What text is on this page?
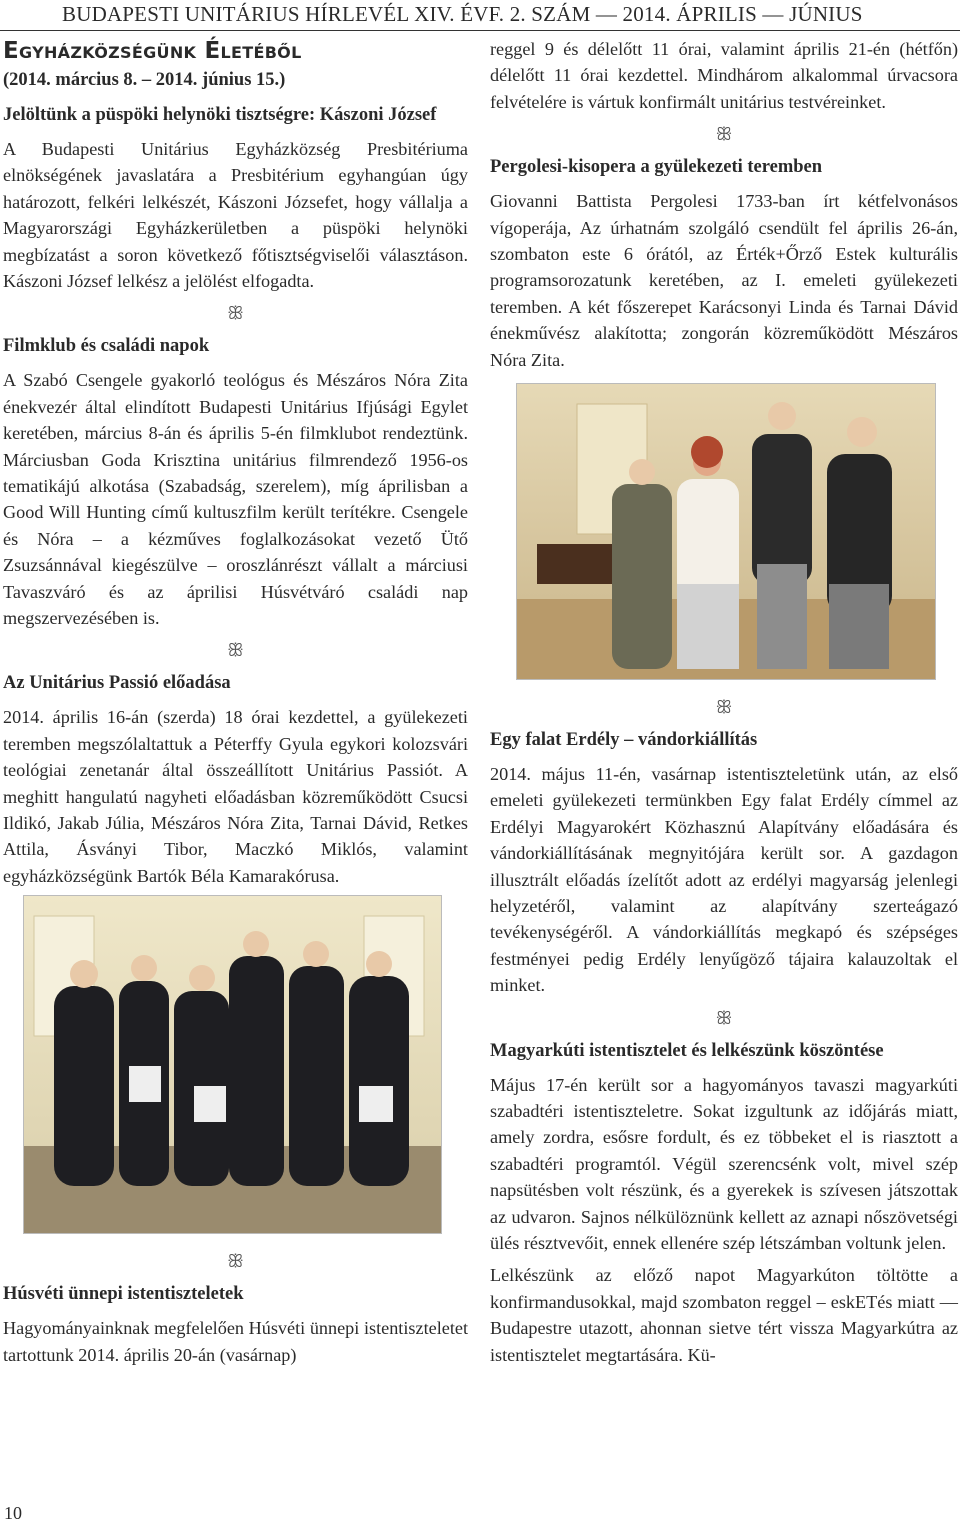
BUDAPESTI UNITÁRIUS HÍRLEVÉL XIV. ÉVF. 2. SZÁM — 2014. ÁPRILIS — JÚNIUS
Egyházközségünk Életéből
(2014. március 8. – 2014. június 15.)
Jelöltünk a püspöki helynöki tisztségre: Kászoni József

A Budapesti Unitárius Egyházközség Presbitériuma elnökségének javaslatára a Presbitérium egyhangúan úgy határozott, felkéri lelkészét, Kászoni Józsefet, hogy vállalja a Magyarországi Egyházkerületben a püspöki helynöki megbízatást a soron következő főtisztségviselői választáson. Kászoni József lelkész a jelölést elfogadta.

ꕥ
Filmklub és családi napok

A Szabó Csengele gyakorló teológus és Mészáros Nóra Zita énekvezér által elindított Budapesti Unitárius Ifjúsági Egylet keretében, március 8-án és április 5-én filmklubot rendeztünk. Márciusban Goda Krisztina unitárius filmrendező 1956-os tematikájú alkotása (Szabadság, szerelem), míg áprilisban a Good Will Hunting című kultuszfilm került terítékre. Csengele és Nóra – a kézműves foglalkozásokat vezető Ütő Zsuzsánnával kiegészülve – oroszlánrészt vállalt a márciusi Tavaszváró és az áprilisi Húsvétváró családi nap megszervezésében is.

ꕥ
Az Unitárius Passió előadása

2014. április 16-án (szerda) 18 órai kezdettel, a gyülekezeti teremben megszólaltattuk a Péterffy Gyula egykori kolozsvári teológiai zenetanár által összeállított Unitárius Passiót. A meghitt hangulatú nagyheti előadásban közreműködött Csucsi Ildikó, Jakab Júlia, Mészáros Nóra Zita, Tarnai Dávid, Retkes Attila, Ásványi Tibor, Maczkó Miklós, valamint egyházközségünk Bartók Béla Kamarakórusa.

ꕥ
Húsvéti ünnepi istentiszteletek

Hagyományainknak megfelelően Húsvéti ünnepi istentiszteletet tartottunk 2014. április 20-án (vasárnap)

reggel 9 és délelőtt 11 órai, valamint április 21-én (hétfőn) délelőtt 11 órai kezdettel. Mindhárom alkalommal úrvacsora felvételére is vártuk konfirmált unitárius testvéreinket.

ꕥ
Pergolesi-kisopera a gyülekezeti teremben

Giovanni Battista Pergolesi 1733-ban írt kétfelvonásos vígoperája, Az úrhatnám szolgáló csendült fel április 26-án, szombaton este 6 órától, az Érték+Őrző Estek kulturális programsorozatunk keretében, az I. emeleti gyülekezeti teremben. A két főszerepet Karácsonyi Linda és Tarnai Dávid énekművész alakította; zongorán közreműködött Mészáros Nóra Zita.

ꕥ
Egy falat Erdély – vándorkiállítás

2014. május 11-én, vasárnap istentiszteletünk után, az első emeleti gyülekezeti termünkben Egy falat Erdély címmel az Erdélyi Magyarokért Közhasznú Alapítvány előadására és vándorkiállításának megnyitójára került sor. A gazdagon illusztrált előadás ízelítőt adott az erdélyi magyarság jelenlegi helyzetéről, valamint az alapítvány szerteágazó tevékenységéről. A vándorkiállítás megkapó és szépséges festményei pedig Erdély lenyűgöző tájaira kalauzoltak el minket.

ꕥ
Magyarkúti istentisztelet és lelkészünk köszöntése

Május 17-én került sor a hagyományos tavaszi magyarkúti szabadtéri istentiszteletre. Sokat izgultunk az időjárás miatt, amely zordra, esősre fordult, és ez többeket el is riasztott a szabadtéri programtól. Végül szerencsénk volt, mivel szép napsütésben volt részünk, és a gyerekek is szívesen játszottak az udvaron. Sajnos nélkülöznünk kellett az aznapi nőszövetségi ülés résztvevőit, ennek ellenére szép létszámban voltunk jelen.

Lelkészünk az előző napot Magyarkúton töltötte a konfirmandusokkal, majd szombaton reggel – eskETés miatt — Budapestre utazott, ahonnan sietve tért vissza Magyarkútra az istentisztelet megtartására. Kü-

10
